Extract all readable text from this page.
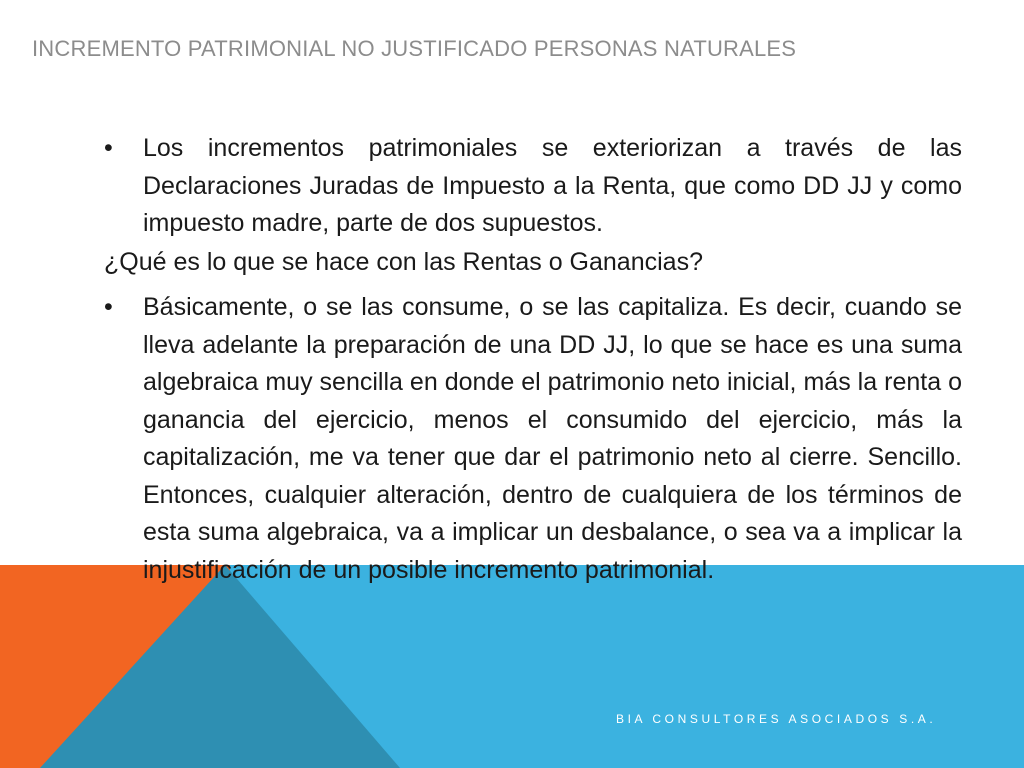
INCREMENTO PATRIMONIAL NO JUSTIFICADO PERSONAS NATURALES

•	Los incrementos patrimoniales se exteriorizan a través de las Declaraciones Juradas de Impuesto a la Renta, que como DD JJ y como impuesto madre, parte de dos supuestos.

¿Qué es lo que se hace con las Rentas o Ganancias?

•	Básicamente, o se las consume, o se las capitaliza. Es decir, cuando se lleva adelante la preparación de una DD JJ, lo que se hace es una suma algebraica muy sencilla en donde el patrimonio neto inicial, más la renta o ganancia del ejercicio, menos el consumido del ejercicio, más la capitalización, me va tener que dar el patrimonio neto al cierre. Sencillo. Entonces, cualquier alteración, dentro de cualquiera de los términos de esta suma algebraica, va a implicar un desbalance, o sea va a implicar la injustificación de un posible incremento patrimonial.

BIA CONSULTORES ASOCIADOS S.A.
